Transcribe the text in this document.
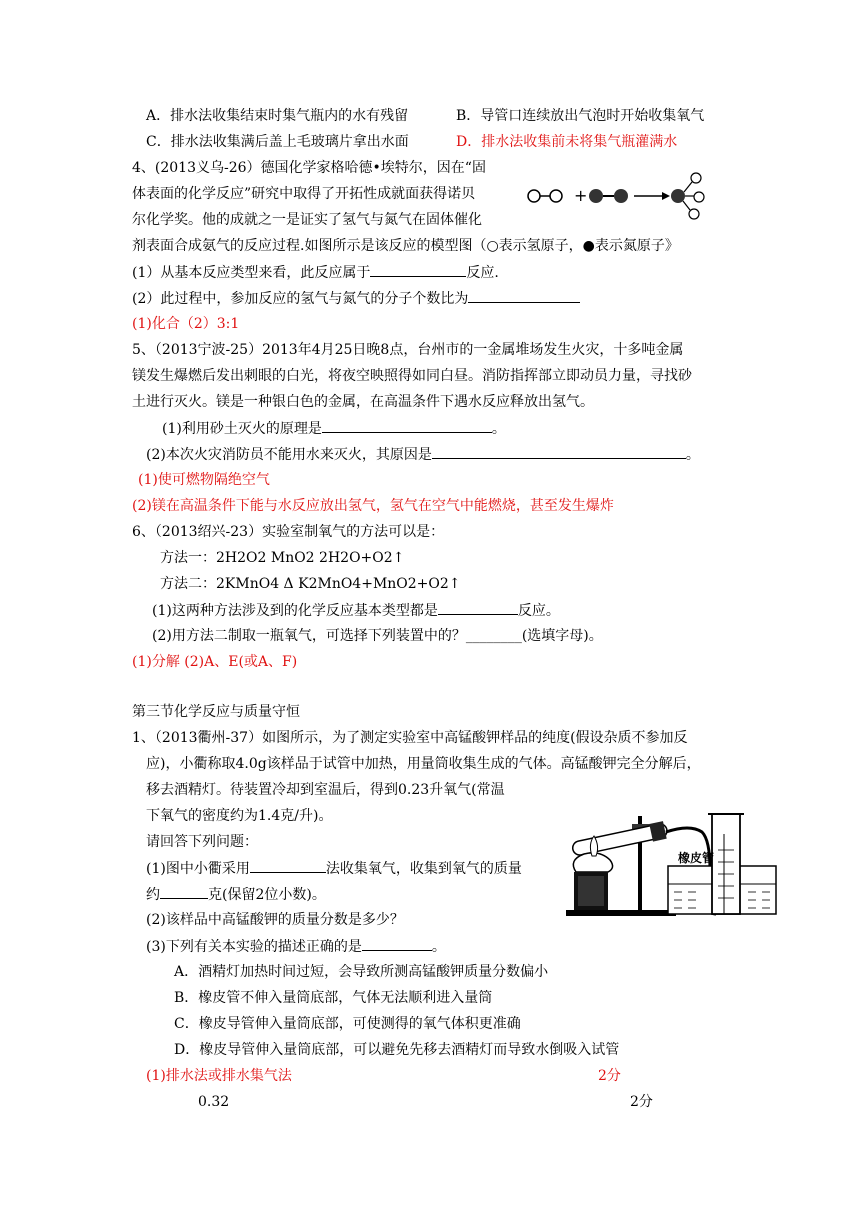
A．排水法收集结束时集气瓶内的水有残留	B．导管口连续放出气泡时开始收集氧气
C．排水法收集满后盖上毛玻璃片拿出水面	D．排水法收集前未将集气瓶灌满水
4、(2013义乌-26）德国化学家格哈德•埃特尔，因在“固
体表面的化学反应”研究中取得了开拓性成就面获得诺贝
尔化学奖。他的成就之一是证实了氢气与氮气在固体催化
剂表面合成氨气的反应过程.如图所示是该反应的模型图（○表示氢原子，●表示氮原子》
+
(1）从基本反应类型来看，此反应属于	反应.
(2）此过程中，参加反应的氢气与氮气的分子个数比为
(1)化合（2）3:1
5、（2013宁波-25）2013年4月25日晚8点，台州市的一金属堆场发生火灾，十多吨金属
镁发生爆燃后发出刺眼的白光，将夜空映照得如同白昼。消防指挥部立即动员力量，寻找砂
土进行灭火。镁是一种银白色的金属，在高温条件下遇水反应释放出氢气。
(1)利用砂土灭火的原理是	。
(2)本次火灾消防员不能用水来灭火，其原因是	。
(1)使可燃物隔绝空气
(2)镁在高温条件下能与水反应放出氢气，氢气在空气中能燃烧，甚至发生爆炸
6、（2013绍兴-23）实验室制氧气的方法可以是：
方法一：2H2O2 MnO2 2H2O+O2↑
方法二：2KMnO4 Δ K2MnO4+MnO2+O2↑
(1)这两种方法涉及到的化学反应基本类型都是	反应。
(2)用方法二制取一瓶氧气，可选择下列装置中的？________(选填字母)。
(1)分解 (2)A、E(或A、F)
第三节化学反应与质量守恒
1、（2013衢州-37）如图所示，为了测定实验室中高锰酸钾样品的纯度(假设杂质不参加反
应)，小衢称取4.0g该样品于试管中加热，用量筒收集生成的气体。高锰酸钾完全分解后，
移去酒精灯。待装置冷却到室温后，得到0.23升氧气(常温
下氧气的密度约为1.4克/升)。
请回答下列问题：
(1)图中小衢采用	法收集氧气，收集到氧气的质量
约	克(保留2位小数)。
(2)该样品中高锰酸钾的质量分数是多少？
(3)下列有关本实验的描述正确的是	。
A．酒精灯加热时间过短，会导致所测高锰酸钾质量分数偏小
B．橡皮管不伸入量筒底部，气体无法顺利进入量筒
C．橡皮导管伸入量筒底部，可使测得的氧气体积更准确
D．橡皮导管伸入量筒底部，可以避免先移去酒精灯而导致水倒吸入试管
(1)排水法或排水集气法	2分
0.32	2分
橡皮管
